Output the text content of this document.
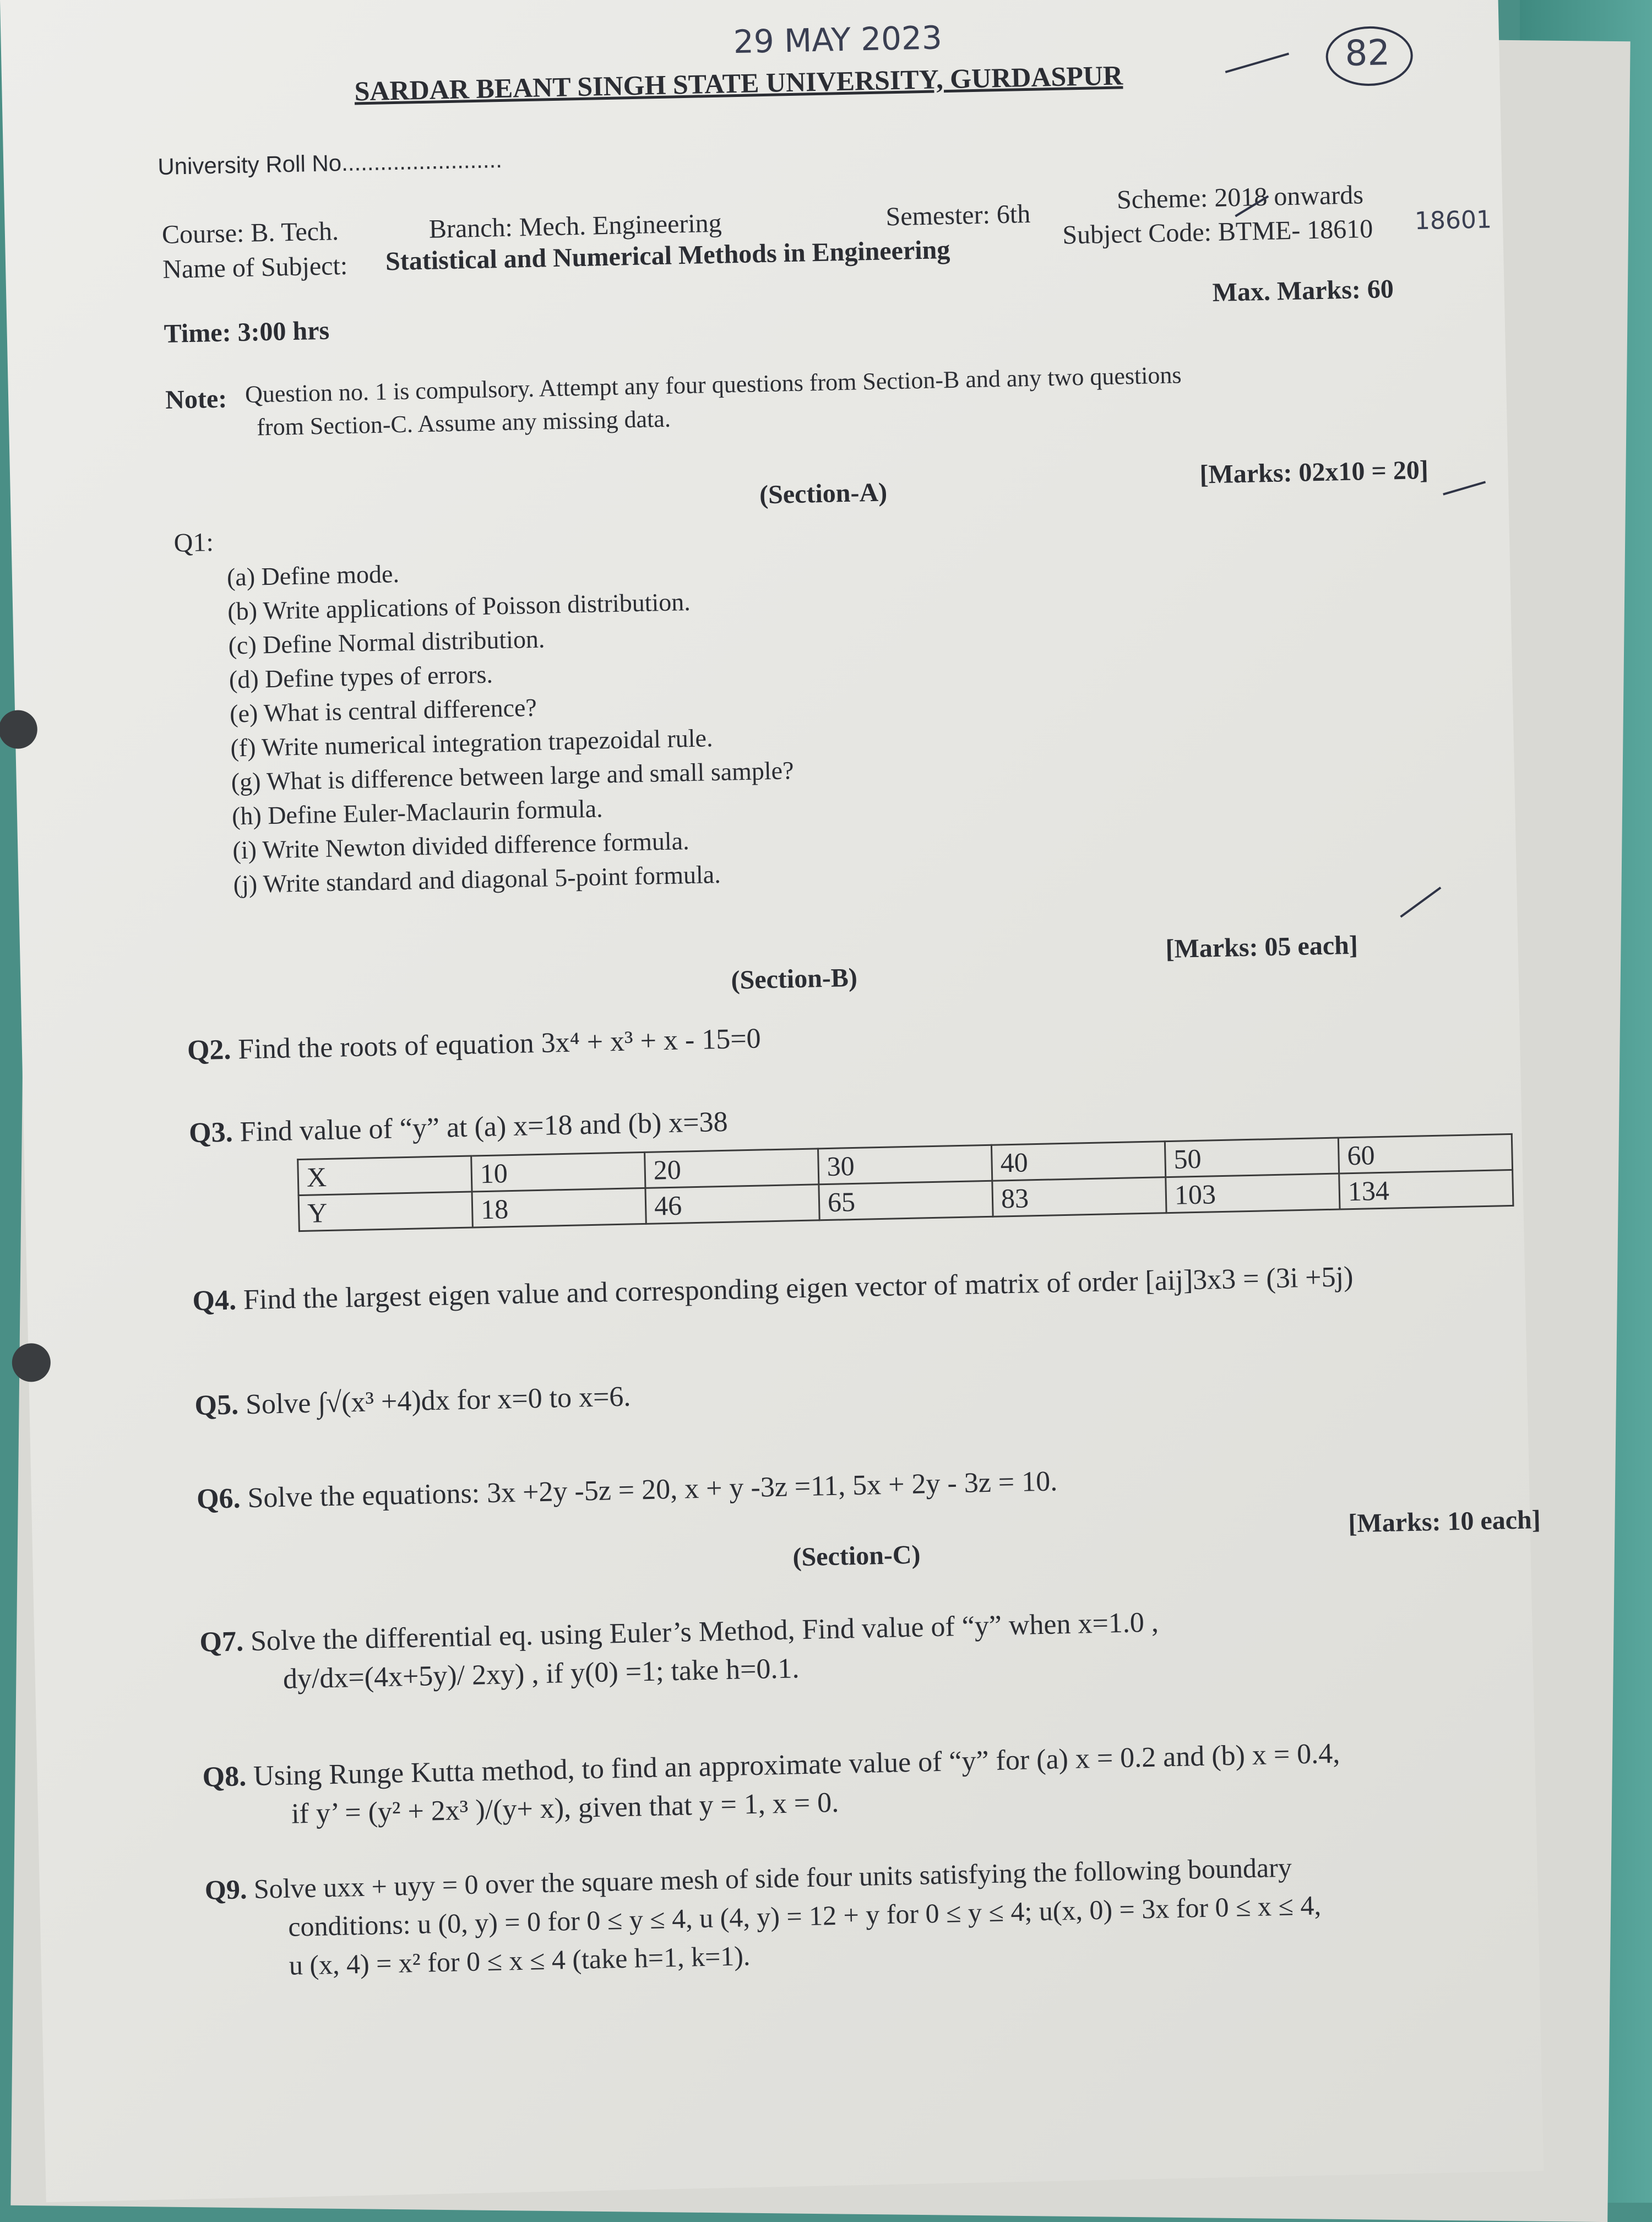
29 MAY 2023
SARDAR BEANT SINGH STATE UNIVERSITY, GURDASPUR
82
University Roll No.........................
Course: B. Tech.	Branch: Mech. Engineering	Semester: 6th
Scheme: 2018 onwards
Name of Subject: Statistical and Numerical Methods in Engineering
Subject Code: BTME- 18610 18601
Time: 3:00 hrs
Max. Marks: 60
Note: Question no. 1 is compulsory. Attempt any four questions from Section-B and any two questions
from Section-C. Assume any missing data.
(Section-A)
[Marks: 02x10 = 20]
Q1:
(a) Define mode.
(b) Write applications of Poisson distribution.
(c) Define Normal distribution.
(d) Define types of errors.
(e) What is central difference?
(f) Write numerical integration trapezoidal rule.
(g) What is difference between large and small sample?
(h) Define Euler-Maclaurin formula.
(i) Write Newton divided difference formula.
(j) Write standard and diagonal 5-point formula.
(Section-B)
[Marks: 05 each]
Q2. Find the roots of equation 3x⁴ + x³ + x - 15=0
Q3. Find value of “y” at (a) x=18 and (b) x=38
X	10	20	30	40	50	60
Y	18	46	65	83	103	134
Q4. Find the largest eigen value and corresponding eigen vector of matrix of order [aij]3x3 = (3i +5j)
Q5. Solve ∫√(x³ +4)dx for x=0 to x=6.
Q6. Solve the equations: 3x +2y -5z = 20, x + y -3z =11, 5x + 2y - 3z = 10.
(Section-C)
[Marks: 10 each]
Q7. Solve the differential eq. using Euler’s Method, Find value of “y” when x=1.0 ,
dy/dx=(4x+5y)/ 2xy) , if y(0) =1; take h=0.1.
Q8. Using Runge Kutta method, to find an approximate value of “y” for (a) x = 0.2 and (b) x = 0.4,
if y’ = (y² + 2x³ )/(y+ x), given that y = 1, x = 0.
Q9. Solve uxx + uyy = 0 over the square mesh of side four units satisfying the following boundary
conditions: u (0, y) = 0 for 0 ≤ y ≤ 4, u (4, y) = 12 + y for 0 ≤ y ≤ 4; u(x, 0) = 3x for 0 ≤ x ≤ 4,
u (x, 4) = x² for 0 ≤ x ≤ 4 (take h=1, k=1).
